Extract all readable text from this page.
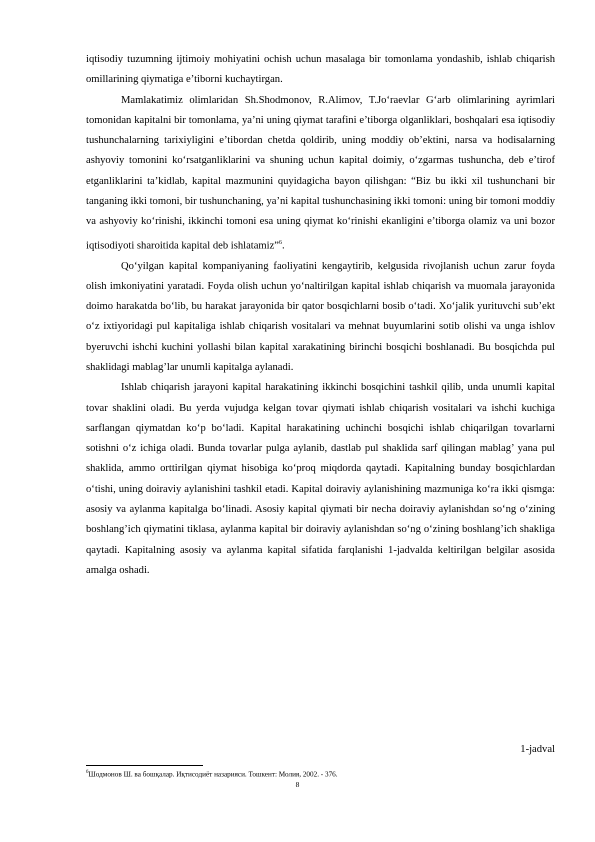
iqtisodiy tuzumning ijtimoiy mohiyatini ochish uchun masalaga bir tomonlama yondashib, ishlab chiqarish omillarining qiymatiga e’tiborni kuchaytirgan.

Mamlakatimiz olimlaridan Sh.Shodmonov, R.Alimov, T.Jo‘raevlar G‘arb olimlarining ayrimlari tomonidan kapitalni bir tomonlama, ya’ni uning qiymat tarafini e’tiborga olganliklari, boshqalari esa iqtisodiy tushunchalarning tarixiyligini e’tibordan chetda qoldirib, uning moddiy ob’ektini, narsa va hodisalarning ashyoviy tomonini ko‘rsatganliklarini va shuning uchun kapital doimiy, o‘zgarmas tushuncha, deb e’tirof etganliklarini ta’kidlab, kapital mazmunini quyidagicha bayon qilishgan: “Biz bu ikki xil tushunchani bir tanganing ikki tomoni, bir tushunchaning, ya’ni kapital tushunchasining ikki tomoni: uning bir tomoni moddiy va ashyoviy ko‘rinishi, ikkinchi tomoni esa uning qiymat ko‘rinishi ekanligini e’tiborga olamiz va uni bozor iqtisodiyoti sharoitida kapital deb ishlatamiz”$^6$.

Qo‘yilgan kapital kompaniyaning faoliyatini kengaytirib, kelgusida rivojlanish uchun zarur foyda olish imkoniyatini yaratadi. Foyda olish uchun yo‘naltirilgan kapital ishlab chiqarish va muomala jarayonida doimo harakatda bo‘lib, bu harakat jarayonida bir qator bosqichlarni bosib o‘tadi. Xo‘jalik yurituvchi sub’ekt o‘z ixtiyoridagi pul kapitaliga ishlab chiqarish vositalari va mehnat buyumlarini sotib olishi va unga ishlov byeruvchi ishchi kuchini yollashi bilan kapital xarakatining birinchi bosqichi boshlanadi. Bu bosqichda pul shaklidagi mablag’lar unumli kapitalga aylanadi.

Ishlab chiqarish jarayoni kapital harakatining ikkinchi bosqichini tashkil qilib, unda unumli kapital tovar shaklini oladi. Bu yerda vujudga kelgan tovar qiymati ishlab chiqarish vositalari va ishchi kuchiga sarflangan qiymatdan ko‘p bo‘ladi. Kapital harakatining uchinchi bosqichi ishlab chiqarilgan tovarlarni sotishni o‘z ichiga oladi. Bunda tovarlar pulga aylanib, dastlab pul shaklida sarf qilingan mablag’ yana pul shaklida, ammo orttirilgan qiymat hisobiga ko‘proq miqdorda qaytadi. Kapitalning bunday bosqichlardan o‘tishi, uning doiraviy aylanishini tashkil etadi. Kapital doiraviy aylanishining mazmuniga ko‘ra ikki qismga: asosiy va aylanma kapitalga bo‘linadi. Asosiy kapital qiymati bir necha doiraviy aylanishdan so‘ng o‘zining boshlang’ich qiymatini tiklasa, aylanma kapital bir doiraviy aylanishdan so‘ng o‘zining boshlang’ich shakliga qaytadi. Kapitalning asosiy va aylanma kapital sifatida farqlanishi 1-jadvalda keltirilgan belgilar asosida amalga oshadi.

1-jadval
$^6$Шодмонов Ш. ва бошқалар. Иқтисодиёт назарияси. Тошкент: Молия, 2002. - 376.
8
